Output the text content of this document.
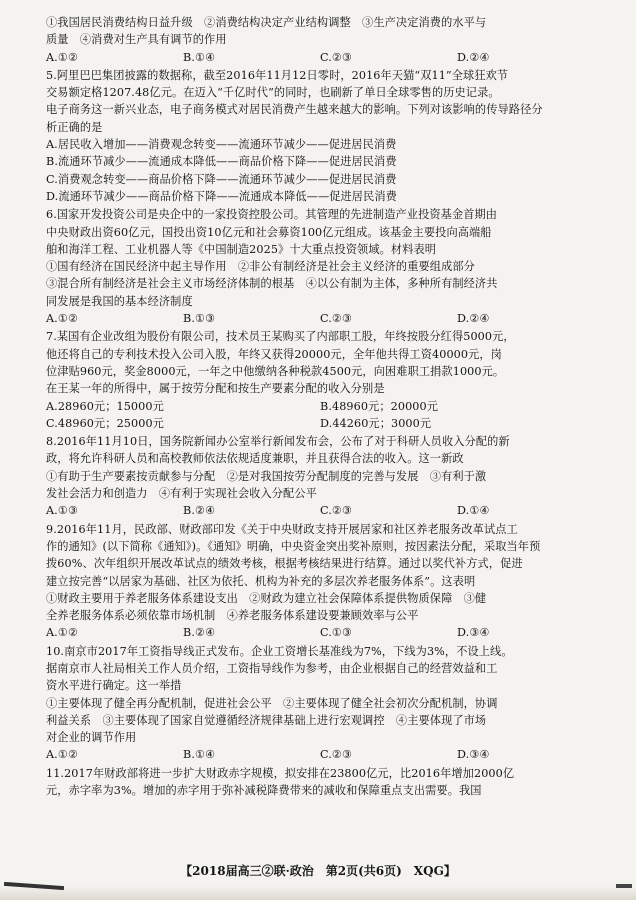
①我国居民消费结构日益升级　②消费结构决定产业结构调整　③生产决定消费的水平与
质量　④消费对生产具有调节的作用
A.①②	B.①④	C.②③	D.②④
5.阿里巴巴集团披露的数据称，截至2016年11月12日零时，2016年天猫“双11”全球狂欢节
交易额定格1207.48亿元。在迈入“千亿时代”的同时，也刷新了单日全球零售的历史记录。
电子商务这一新兴业态，电子商务模式对居民消费产生越来越大的影响。下列对该影响的传导路径分
析正确的是
A.居民收入增加——消费观念转变——流通环节减少——促进居民消费
B.流通环节减少——流通成本降低——商品价格下降——促进居民消费
C.消费观念转变——商品价格下降——流通环节减少——促进居民消费
D.流通环节减少——商品价格下降——流通成本降低——促进居民消费
6.国家开发投资公司是央企中的一家投资控股公司。其管理的先进制造产业投资基金首期由
中央财政出资60亿元，国投出资10亿元和社会募资100亿元组成。该基金主要投向高端船
舶和海洋工程、工业机器人等《中国制造2025》十大重点投资领域。材料表明
①国有经济在国民经济中起主导作用　②非公有制经济是社会主义经济的重要组成部分
③混合所有制经济是社会主义市场经济体制的根基　④以公有制为主体，多种所有制经济共
同发展是我国的基本经济制度
A.①②	B.①③	C.②③	D.②④
7.某国有企业改组为股份有限公司，技术员王某购买了内部职工股，年终按股分红得5000元，
他还将自己的专利技术投入公司入股，年终又获得20000元，全年他共得工资40000元，岗
位津贴960元，奖金8000元，一年之中他缴纳各种税款4500元，向困难职工捐款1000元。
在王某一年的所得中，属于按劳分配和按生产要素分配的收入分别是
A.28960元；15000元	B.48960元；20000元
C.48960元；25000元	D.44260元；3000元
8.2016年11月10日，国务院新闻办公室举行新闻发布会，公布了对于科研人员收入分配的新
政，将允许科研人员和高校教师依法依规适度兼职，并且获得合法的收入。这一新政
①有助于生产要素按贡献参与分配　②是对我国按劳分配制度的完善与发展　③有利于激
发社会活力和创造力　④有利于实现社会收入分配公平
A.①③	B.②④	C.②③	D.①④
9.2016年11月，民政部、财政部印发《关于中央财政支持开展居家和社区养老服务改革试点工
作的通知》(以下简称《通知》)。《通知》明确，中央资金突出奖补原则，按因素法分配，采取当年预
拨60%、次年组织开展改革试点的绩效考核，根据考核结果进行结算。通过以奖代补方式，促进
建立按完善“以居家为基础、社区为依托、机构为补充的多层次养老服务体系”。这表明
①财政主要用于养老服务体系建设支出　②财政为建立社会保障体系提供物质保障　③健
全养老服务体系必须依靠市场机制　④养老服务体系建设要兼顾效率与公平
A.①②	B.②④	C.①③	D.③④
10.南京市2017年工资指导线正式发布。企业工资增长基准线为7%，下线为3%，不设上线。
据南京市人社局相关工作人员介绍，工资指导线作为参考，由企业根据自己的经营效益和工
资水平进行确定。这一举措
①主要体现了健全再分配机制，促进社会公平　②主要体现了健全社会初次分配机制，协调
利益关系　③主要体现了国家自觉遵循经济规律基础上进行宏观调控　④主要体现了市场
对企业的调节作用
A.①②	B.①④	C.②③	D.③④
11.2017年财政部将进一步扩大财政赤字规模，拟安排在23800亿元，比2016年增加2000亿
元，赤字率为3%。增加的赤字用于弥补减税降费带来的减收和保障重点支出需要。我国
【2018届高三②联·政治　第2页(共6页)　XQG】
